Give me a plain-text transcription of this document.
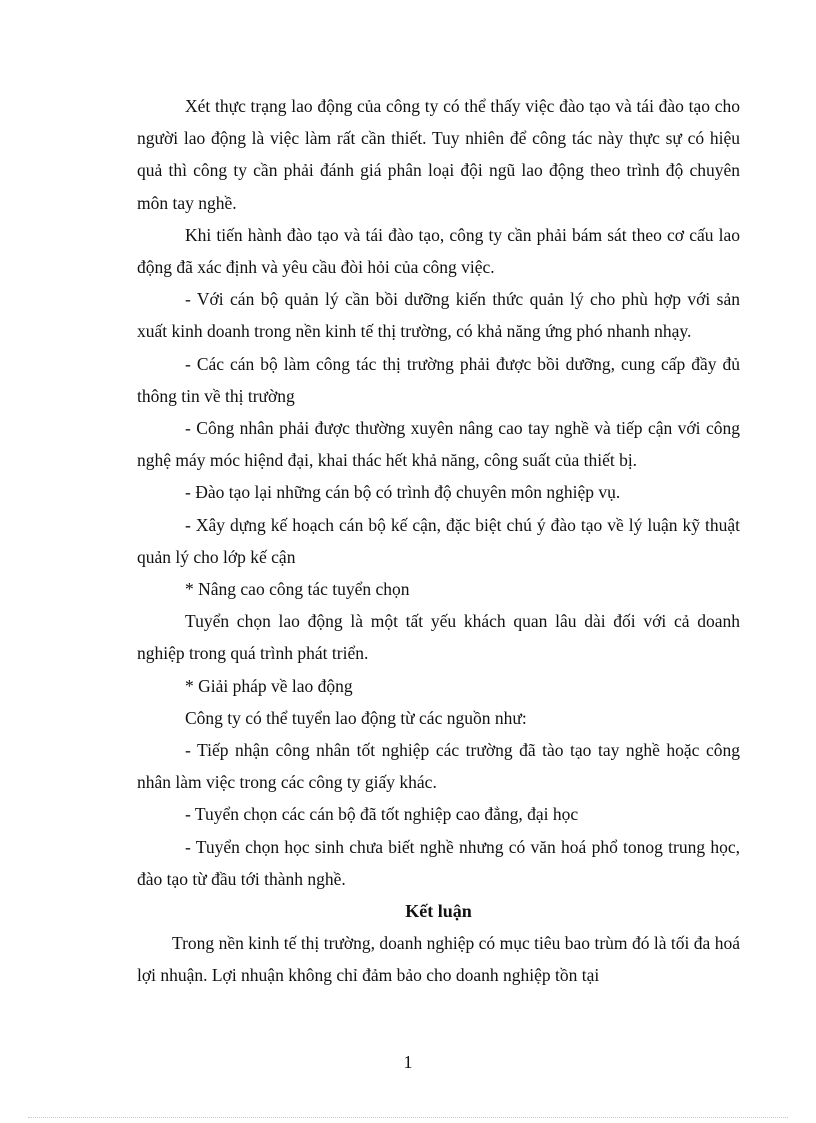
Xét thực trạng lao động của công ty có thể thấy việc đào tạo và tái đào tạo cho người lao động là việc làm rất cần thiết. Tuy nhiên để công tác này thực sự có hiệu quả thì công ty cần phải đánh giá phân loại đội ngũ lao động theo trình độ chuyên môn tay nghề.

Khi tiến hành đào tạo và tái đào tạo, công ty cần phải bám sát theo cơ cấu lao động đã xác định và yêu cầu đòi hỏi của công việc.

- Với cán bộ quản lý cần bồi dưỡng kiến thức quản lý cho phù hợp với sản xuất kinh doanh trong nền kinh tế thị trường, có khả năng ứng phó nhanh nhạy.

- Các cán bộ làm công tác thị trường phải được bồi dưỡng, cung cấp đầy đủ thông tin về thị trường

- Công nhân phải được thường xuyên nâng cao tay nghề và tiếp cận với công nghệ máy móc hiệnd đại, khai thác hết khả năng, công suất của thiết bị.

- Đào tạo lại những cán bộ có trình độ chuyên môn nghiệp vụ.

- Xây dựng kế hoạch cán bộ kế cận, đặc biệt chú ý đào tạo về lý luận kỹ thuật quản lý cho lớp kế cận

* Nâng cao công tác tuyển chọn

Tuyển chọn lao động là một tất yếu khách quan lâu dài đối với cả doanh nghiệp trong quá trình phát triển.

* Giải pháp về lao động

Công ty có thể tuyển lao động từ các nguồn như:

- Tiếp nhận công nhân tốt nghiệp các trường đã tào tạo tay nghề hoặc công nhân làm việc trong các công ty giấy khác.

- Tuyển chọn các cán bộ đã tốt nghiệp cao đẳng, đại học

- Tuyển chọn học sinh chưa biết nghề nhưng có văn hoá phổ tonog trung học, đào tạo từ đầu tới thành nghề.

Kết luận

Trong nền kinh tế thị trường, doanh nghiệp có mục tiêu bao trùm đó là tối đa hoá lợi nhuận. Lợi nhuận không chỉ đảm bảo cho doanh nghiệp tồn tại

1
